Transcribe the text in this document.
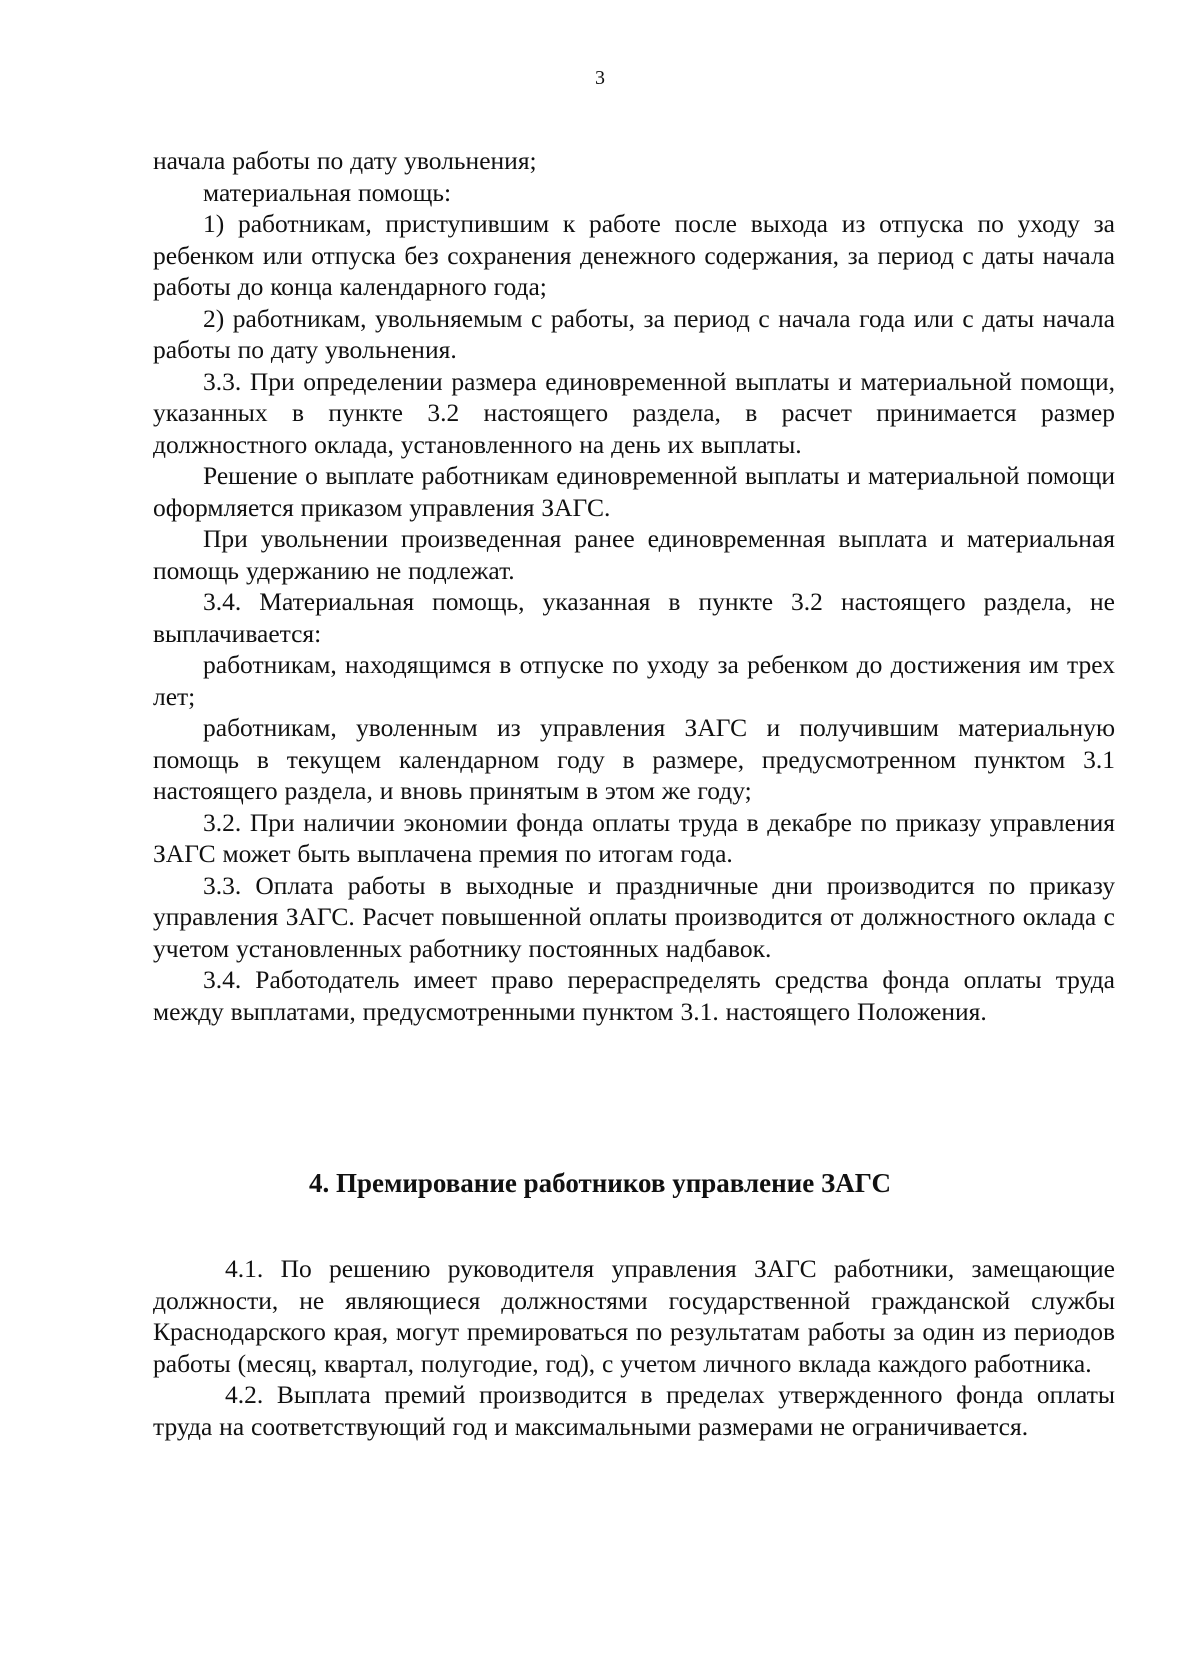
3

начала работы по дату увольнения;

материальная помощь:

1) работникам, приступившим к работе после выхода из отпуска по уходу за ребенком или отпуска без сохранения денежного содержания, за период с даты начала работы до конца календарного года;

2) работникам, увольняемым с работы, за период с начала года или с даты начала работы по дату увольнения.

3.3. При определении размера единовременной выплаты и материальной помощи, указанных в пункте 3.2 настоящего раздела, в расчет принимается размер должностного оклада, установленного на день их выплаты.

Решение о выплате работникам единовременной выплаты и материальной помощи оформляется приказом управления ЗАГС.

При увольнении произведенная ранее единовременная выплата и материальная помощь удержанию не подлежат.

3.4. Материальная помощь, указанная в пункте 3.2 настоящего раздела, не выплачивается:

работникам, находящимся в отпуске по уходу за ребенком до достижения им трех лет;

работникам, уволенным из управления ЗАГС и получившим материальную помощь в текущем календарном году в размере, предусмотренном пунктом 3.1 настоящего раздела, и вновь принятым в этом же году;

3.2. При наличии экономии фонда оплаты труда в декабре по приказу управления ЗАГС может быть выплачена премия по итогам года.

3.3. Оплата работы в выходные и праздничные дни производится по приказу управления ЗАГС. Расчет повышенной оплаты производится от должностного оклада с учетом установленных работнику постоянных надбавок.

3.4. Работодатель имеет право перераспределять средства фонда оплаты труда между выплатами, предусмотренными пунктом 3.1. настоящего Положения.

4. Премирование работников управление ЗАГС

4.1. По решению руководителя управления ЗАГС работники, замещающие должности, не являющиеся должностями государственной гражданской службы Краснодарского края, могут премироваться по результатам работы за один из периодов работы (месяц, квартал, полугодие, год), с учетом личного вклада каждого работника.

4.2. Выплата премий производится в пределах утвержденного фонда оплаты труда на соответствующий год и максимальными размерами не ограничивается.
